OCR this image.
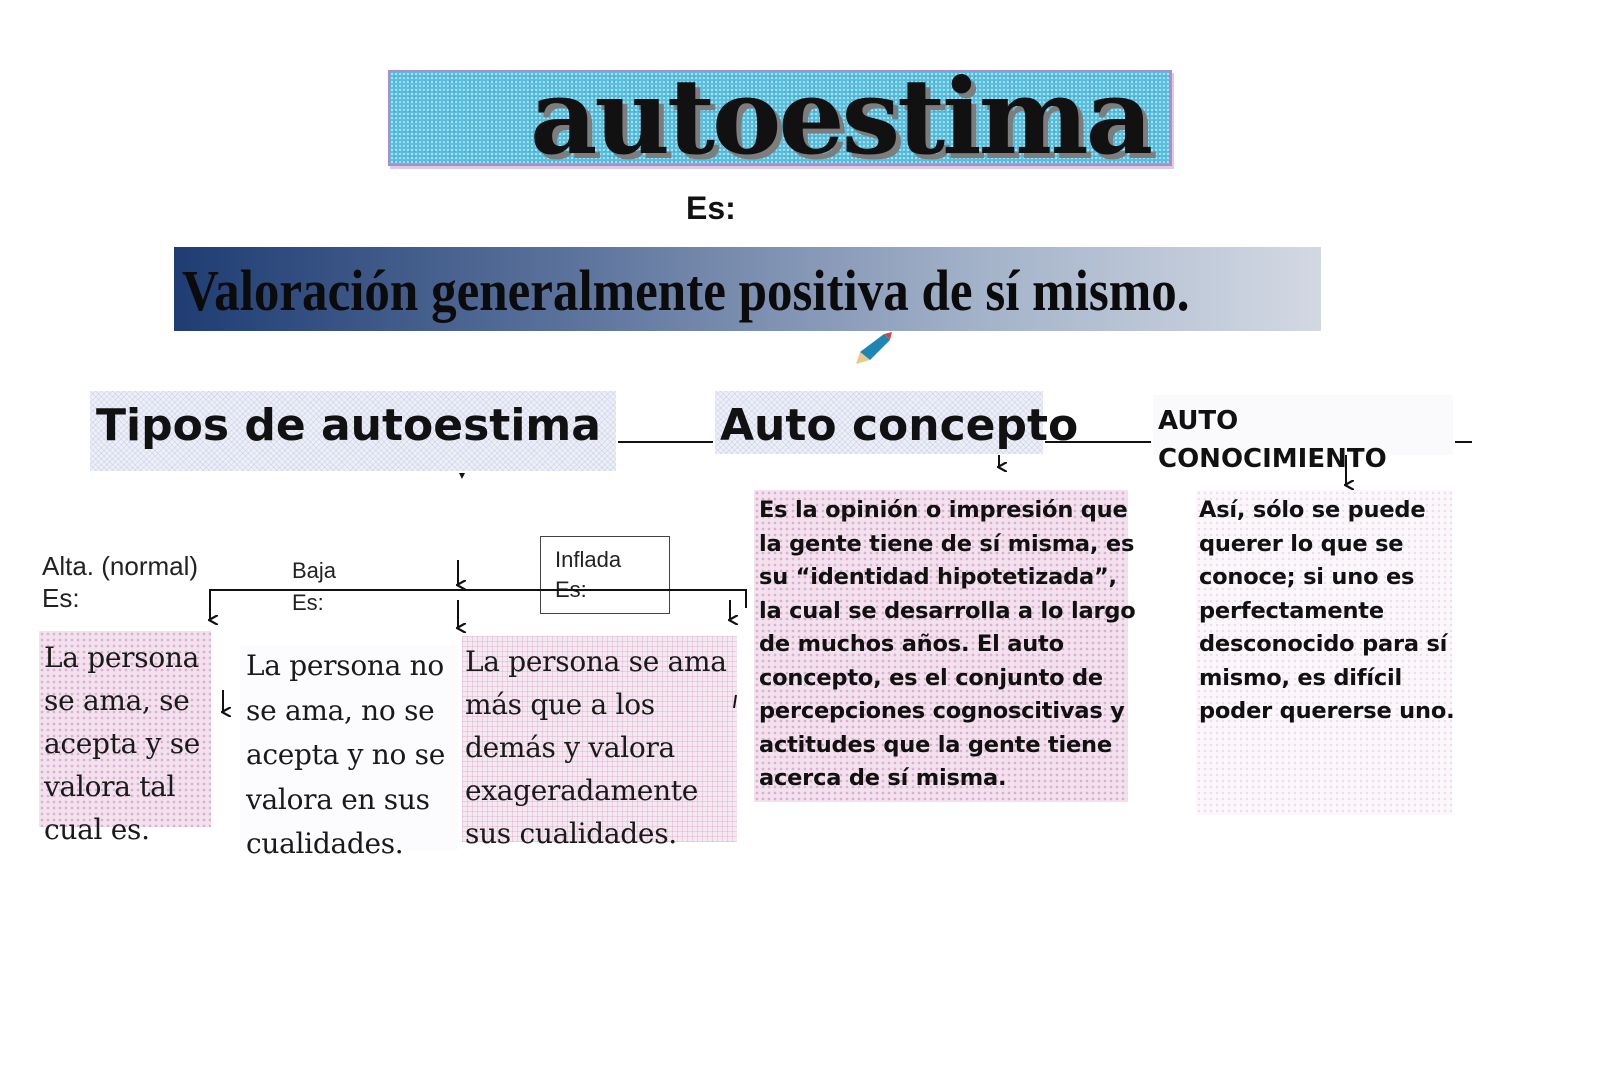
autoestima
Es:
Valoración generalmente positiva de sí mismo.
Tipos de autoestima	Auto concepto	AUTO
CONOCIMIENTO
Alta. (normal)
Es:
Baja
Es:
Inflada
Es:
La persona se ama, se acepta y se valora tal cual es.
La persona no se ama, no se acepta y no se valora en sus cualidades.
La persona se ama más que a los demás y valora exageradamente sus cualidades.
Es la opinión o impresión que la gente tiene de sí misma, es su “identidad hipotetizada”, la cual se desarrolla a lo largo de muchos años. El auto concepto, es el conjunto de percepciones cognoscitivas y actitudes que la gente tiene acerca de sí misma.
Así, sólo se puede querer lo que se conoce; si uno es perfectamente desconocido para sí mismo, es difícil poder quererse uno.
